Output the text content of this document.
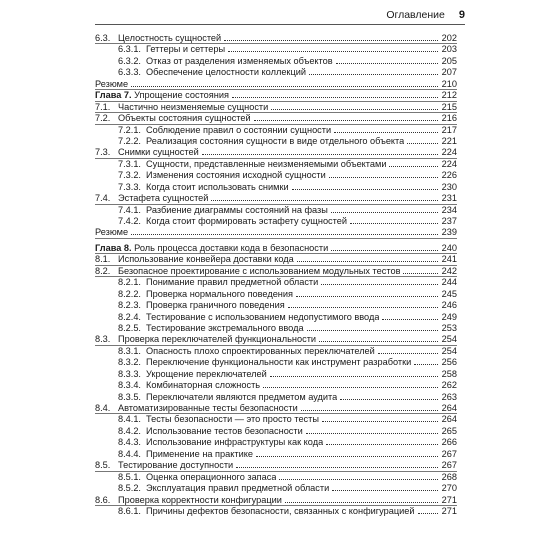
Оглавление 9
6.3. Целостность сущностей	202
6.3.1. Геттеры и сеттеры	203
6.3.2. Отказ от разделения изменяемых объектов	205
6.3.3. Обеспечение целостности коллекций	207
Резюме	210
Глава 7. Упрощение состояния	212
7.1. Частично неизменяемые сущности	215
7.2. Объекты состояния сущностей	216
7.2.1. Соблюдение правил о состоянии сущности	217
7.2.2. Реализация состояния сущности в виде отдельного объекта	221
7.3. Снимки сущностей	224
7.3.1. Сущности, представленные неизменяемыми объектами	224
7.3.2. Изменения состояния исходной сущности	226
7.3.3. Когда стоит использовать снимки	230
7.4. Эстафета сущностей	231
7.4.1. Разбиение диаграммы состояний на фазы	234
7.4.2. Когда стоит формировать эстафету сущностей	237
Резюме	239
Глава 8. Роль процесса доставки кода в безопасности	240
8.1. Использование конвейера доставки кода	241
8.2. Безопасное проектирование с использованием модульных тестов	242
8.2.1. Понимание правил предметной области	244
8.2.2. Проверка нормального поведения	245
8.2.3. Проверка граничного поведения	246
8.2.4. Тестирование с использованием недопустимого ввода	249
8.2.5. Тестирование экстремального ввода	253
8.3. Проверка переключателей функциональности	254
8.3.1. Опасность плохо спроектированных переключателей	254
8.3.2. Переключение функциональности как инструмент разработки	256
8.3.3. Укрощение переключателей	258
8.3.4. Комбинаторная сложность	262
8.3.5. Переключатели являются предметом аудита	263
8.4. Автоматизированные тесты безопасности	264
8.4.1. Тесты безопасности — это просто тесты	264
8.4.2. Использование тестов безопасности	265
8.4.3. Использование инфраструктуры как кода	266
8.4.4. Применение на практике	267
8.5. Тестирование доступности	267
8.5.1. Оценка операционного запаса	268
8.5.2. Эксплуатация правил предметной области	270
8.6. Проверка корректности конфигурации	271
8.6.1. Причины дефектов безопасности, связанных с конфигурацией	271
